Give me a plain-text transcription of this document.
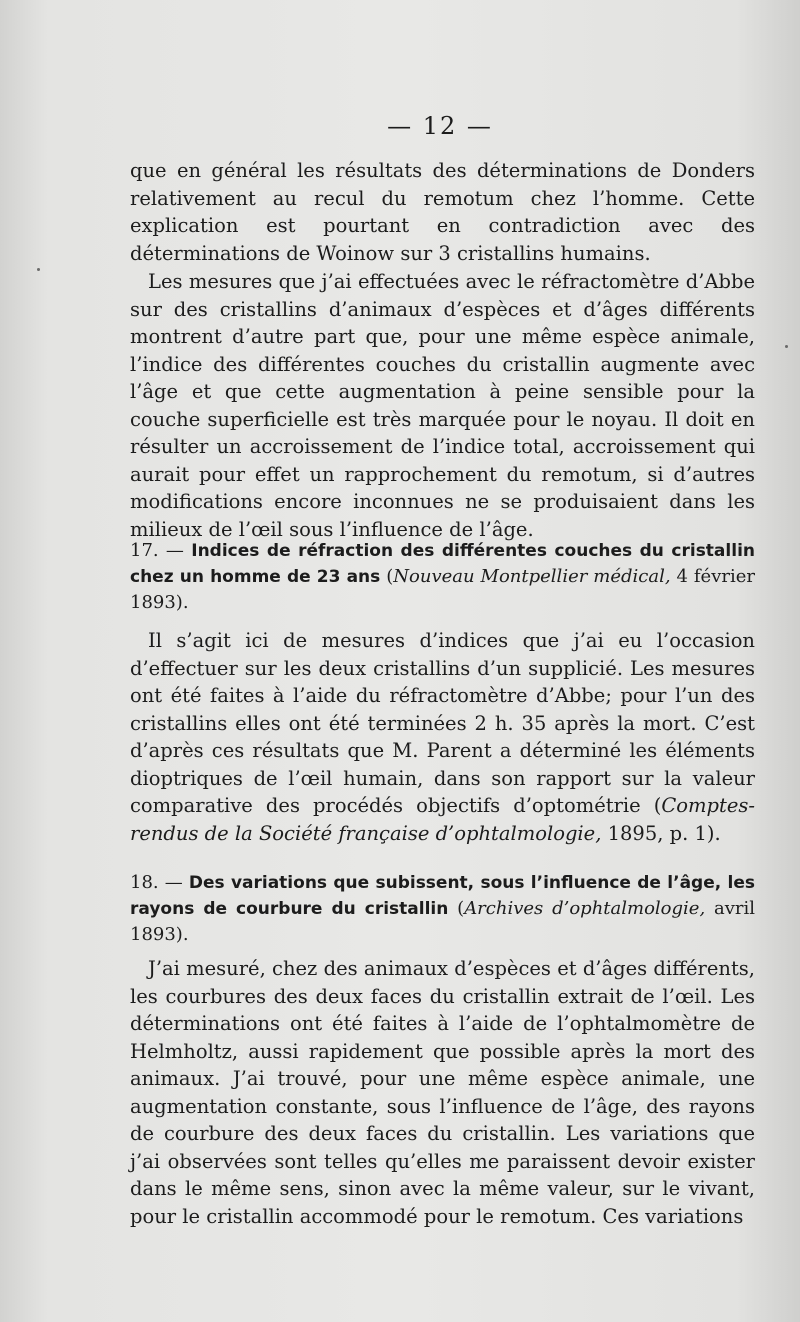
— 12 —

que en général les résultats des déterminations de Donders relativement au recul du remotum chez l’homme. Cette explication est pourtant en contradiction avec des déterminations de Woinow sur 3 cristallins humains.

Les mesures que j’ai effectuées avec le réfractomètre d’Abbe sur des cristallins d’animaux d’espèces et d’âges différents montrent d’autre part que, pour une même espèce animale, l’indice des différentes couches du cristallin augmente avec l’âge et que cette augmentation à peine sensible pour la couche superficielle est très marquée pour le noyau. Il doit en résulter un accroissement de l’indice total, accroissement qui aurait pour effet un rapprochement du remotum, si d’autres modifications encore inconnues ne se produisaient dans les milieux de l’œil sous l’influence de l’âge.

17. — Indices de réfraction des différentes couches du cristallin chez un homme de 23 ans (Nouveau Montpellier médical, 4 février 1893).

Il s’agit ici de mesures d’indices que j’ai eu l’occasion d’effectuer sur les deux cristallins d’un supplicié. Les mesures ont été faites à l’aide du réfractomètre d’Abbe; pour l’un des cristallins elles ont été terminées 2 h. 35 après la mort. C’est d’après ces résultats que M. Parent a déterminé les éléments dioptriques de l’œil humain, dans son rapport sur la valeur comparative des procédés objectifs d’optométrie (Comptes-rendus de la Société française d’ophtalmologie, 1895, p. 1).

18. — Des variations que subissent, sous l’influence de l’âge, les rayons de courbure du cristallin (Archives d’ophtalmologie, avril 1893).

J’ai mesuré, chez des animaux d’espèces et d’âges différents, les courbures des deux faces du cristallin extrait de l’œil. Les déterminations ont été faites à l’aide de l’ophtalmomètre de Helmholtz, aussi rapidement que possible après la mort des animaux. J’ai trouvé, pour une même espèce animale, une augmentation constante, sous l’influence de l’âge, des rayons de courbure des deux faces du cristallin. Les variations que j’ai observées sont telles qu’elles me paraissent devoir exister dans le même sens, sinon avec la même valeur, sur le vivant, pour le cristallin accommodé pour le remotum. Ces variations
